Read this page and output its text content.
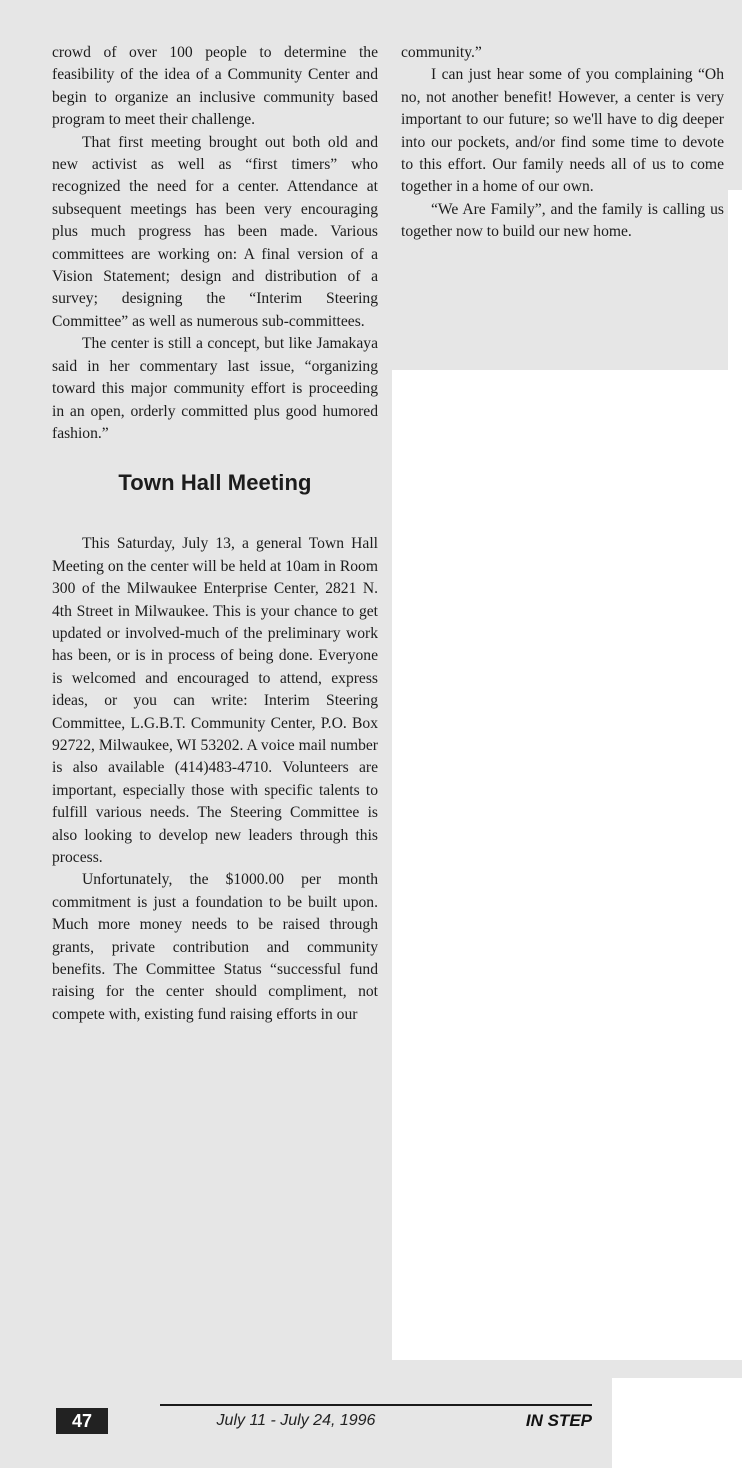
crowd of over 100 people to determine the feasibility of the idea of a Community Center and begin to organize an inclusive community based program to meet their challenge.

That first meeting brought out both old and new activist as well as “first timers” who recognized the need for a center. Attendance at subsequent meetings has been very encouraging plus much progress has been made. Various committees are working on: A final version of a Vision Statement; design and distribution of a survey; designing the “Interim Steering Committee” as well as numerous sub-committees.

The center is still a concept, but like Jamakaya said in her commentary last issue, “organizing toward this major community effort is proceeding in an open, orderly committed plus good humored fashion.”

Town Hall Meeting

This Saturday, July 13, a general Town Hall Meeting on the center will be held at 10am in Room 300 of the Milwaukee Enterprise Center, 2821 N. 4th Street in Milwaukee. This is your chance to get updated or involved-much of the preliminary work has been, or is in process of being done. Everyone is welcomed and encouraged to attend, express ideas, or you can write: Interim Steering Committee, L.G.B.T. Community Center, P.O. Box 92722, Milwaukee, WI 53202. A voice mail number is also available (414)483-4710. Volunteers are important, especially those with specific talents to fulfill various needs. The Steering Committee is also looking to develop new leaders through this process.

Unfortunately, the $1000.00 per month commitment is just a foundation to be built upon. Much more money needs to be raised through grants, private contribution and community benefits. The Committee Status “successful fund raising for the center should compliment, not compete with, existing fund raising efforts in our

community.”

I can just hear some of you complaining “Oh no, not another benefit! However, a center is very important to our future; so we'll have to dig deeper into our pockets, and/or find some time to devote to this effort. Our family needs all of us to come together in a home of our own.

“We Are Family”, and the family is calling us together now to build our new home.

47	July 11 - July 24, 1996	IN STEP
